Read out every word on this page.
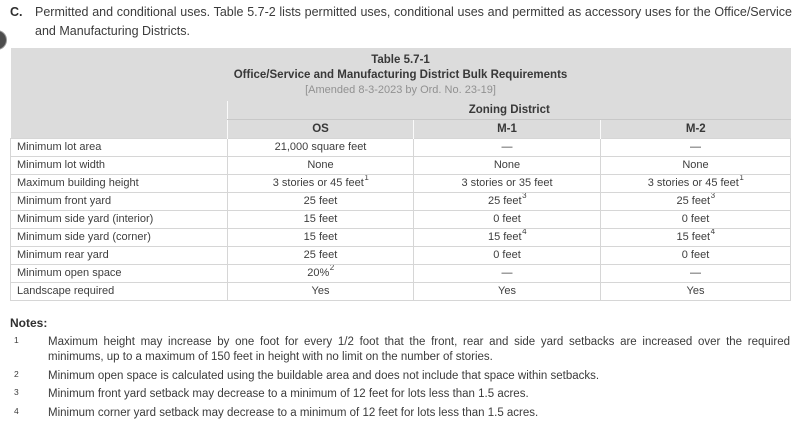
C. Permitted and conditional uses. Table 5.7-2 lists permitted uses, conditional uses and permitted as accessory uses for the Office/Service and Manufacturing Districts.
Table 5.7-1
Office/Service and Manufacturing District Bulk Requirements
[Amended 8-3-2023 by Ord. No. 23-19]			

	Zoning District		
	OS	M-1	M-2
Minimum lot area	21,000 square feet	—	—
Minimum lot width	None	None	None
Maximum building height	3 stories or 45 feet$^1$	3 stories or 35 feet	3 stories or 45 feet$^1$
Minimum front yard	25 feet	25 feet$^3$	25 feet$^3$
Minimum side yard (interior)	15 feet	0 feet	0 feet
Minimum side yard (corner)	15 feet	15 feet$^4$	15 feet$^4$
Minimum rear yard	25 feet	0 feet	0 feet
Minimum open space	20%$^2$	—	—
Landscape required	Yes	Yes	Yes
Notes:
1	Maximum height may increase by one foot for every 1/2 foot that the front, rear and side yard setbacks are increased over the required minimums, up to a maximum of 150 feet in height with no limit on the number of stories.
2	Minimum open space is calculated using the buildable area and does not include that space within setbacks.
3	Minimum front yard setback may decrease to a minimum of 12 feet for lots less than 1.5 acres.
4	Minimum corner yard setback may decrease to a minimum of 12 feet for lots less than 1.5 acres.
